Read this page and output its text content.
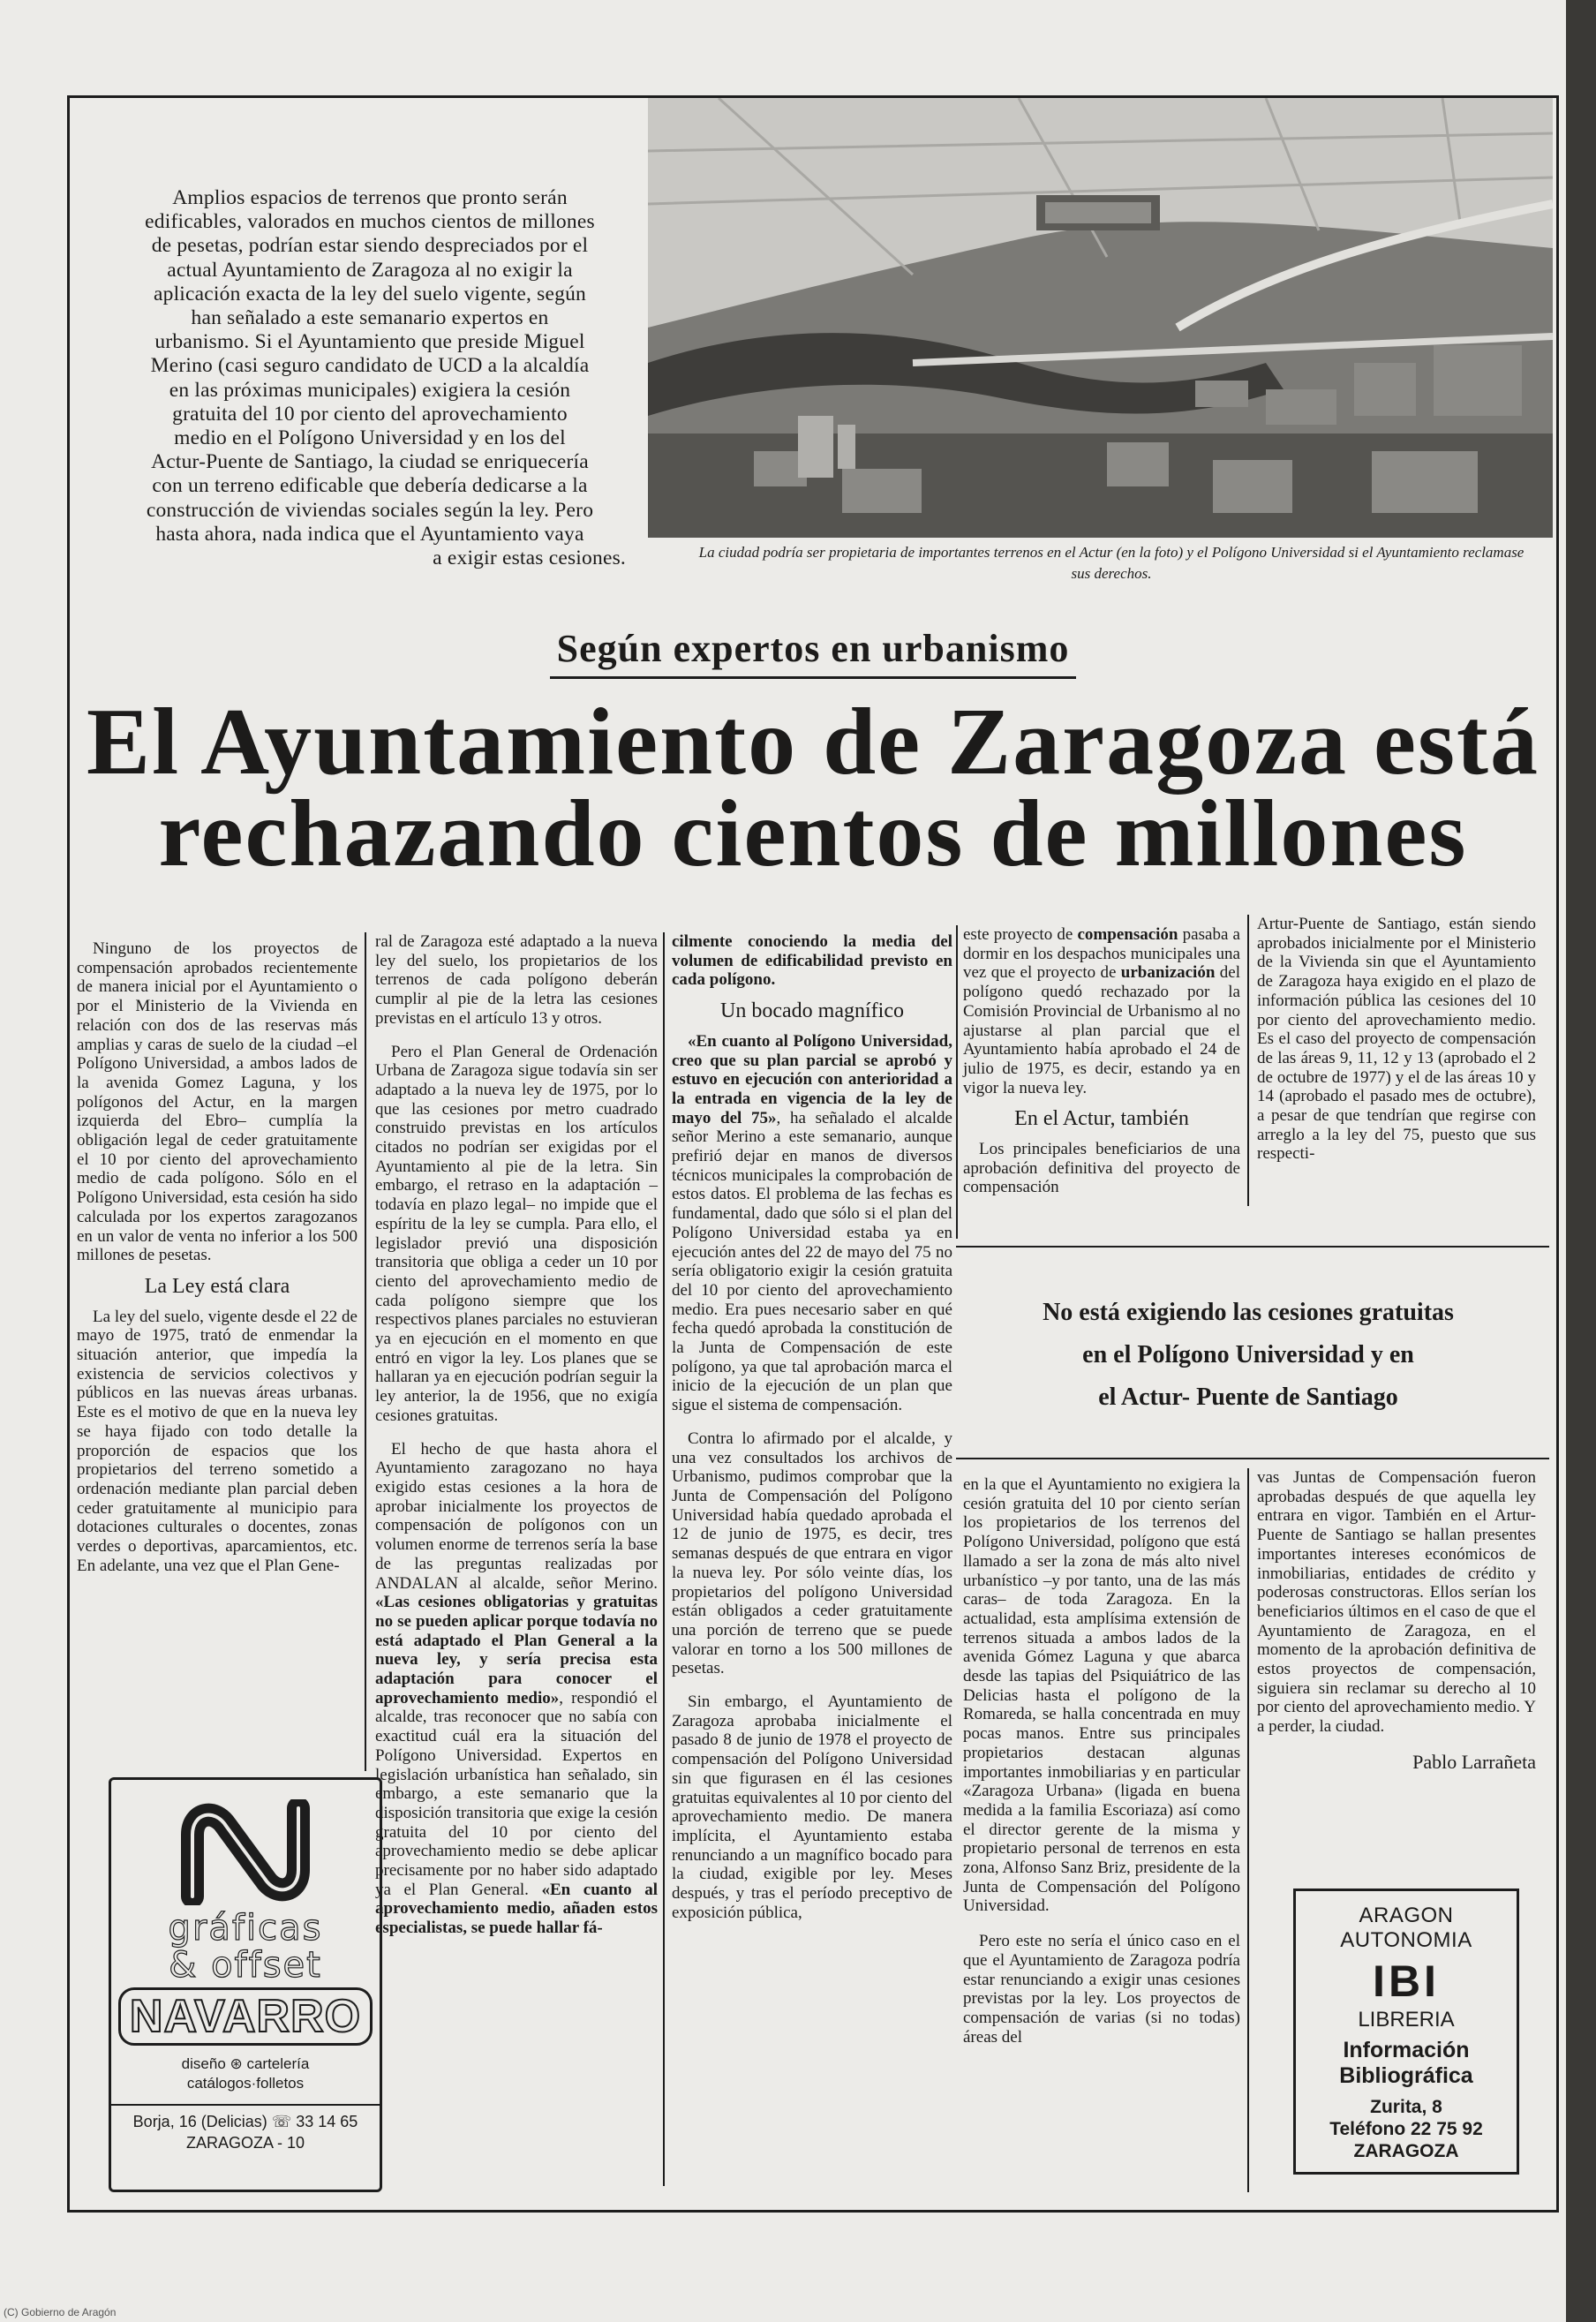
Amplios espacios de terrenos que pronto serán

edificables, valorados en muchos cientos de millones

de pesetas, podrían estar siendo despreciados por el

actual Ayuntamiento de Zaragoza al no exigir la

aplicación exacta de la ley del suelo vigente, según

han señalado a este semanario expertos en

urbanismo. Si el Ayuntamiento que preside Miguel

Merino (casi seguro candidato de UCD a la alcaldía

en las próximas municipales) exigiera la cesión

gratuita del 10 por ciento del aprovechamiento

medio en el Polígono Universidad y en los del

Actur-Puente de Santiago, la ciudad se enriquecería

con un terreno edificable que debería dedicarse a la

construcción de viviendas sociales según la ley. Pero

hasta ahora, nada indica que el Ayuntamiento vaya

a exigir estas cesiones.	La ciudad podría ser propietaria de importantes terrenos en el Actur (en la foto) y el Polígono Universidad si el Ayuntamiento reclamase sus derechos.
Según expertos en urbanismo
El Ayuntamiento de Zaragoza está
rechazando cientos de millones

Ninguno de los proyectos de compensación aprobados recientemente de manera inicial por el Ayuntamiento o por el Ministerio de la Vivienda en relación con dos de las reservas más amplias y caras de suelo de la ciudad –el Polígono Universidad, a ambos lados de la avenida Gomez Laguna, y los polígonos del Actur, en la margen izquierda del Ebro– cumplía la obligación legal de ceder gratuitamente el 10 por ciento del aprovechamiento medio de cada polígono. Sólo en el Polígono Universidad, esta cesión ha sido calculada por los expertos zaragozanos en un valor de venta no inferior a los 500 millones de pesetas.

La Ley está clara

La ley del suelo, vigente desde el 22 de mayo de 1975, trató de enmendar la situación anterior, que impedía la existencia de servicios colectivos y públicos en las nuevas áreas urbanas. Este es el motivo de que en la nueva ley se haya fijado con todo detalle la proporción de espacios que los propietarios del terreno sometido a ordenación mediante plan parcial deben ceder gratuitamente al municipio para dotaciones culturales o docentes, zonas verdes o deportivas, aparcamientos, etc. En adelante, una vez que el Plan Gene-

ral de Zaragoza esté adaptado a la nueva ley del suelo, los propietarios de los terrenos de cada polígono deberán cumplir al pie de la letra las cesiones previstas en el artículo 13 y otros.

Pero el Plan General de Ordenación Urbana de Zaragoza sigue todavía sin ser adaptado a la nueva ley de 1975, por lo que las cesiones por metro cuadrado construido previstas en los artículos citados no podrían ser exigidas por el Ayuntamiento al pie de la letra. Sin embargo, el retraso en la adaptación –todavía en plazo legal– no impide que el espíritu de la ley se cumpla. Para ello, el legislador previó una disposición transitoria que obliga a ceder un 10 por ciento del aprovechamiento medio de cada polígono siempre que los respectivos planes parciales no estuvieran ya en ejecución en el momento en que entró en vigor la ley. Los planes que se hallaran ya en ejecución podrían seguir la ley anterior, la de 1956, que no exigía cesiones gratuitas.

El hecho de que hasta ahora el Ayuntamiento zaragozano no haya exigido estas cesiones a la hora de aprobar inicialmente los proyectos de compensación de polígonos con un volumen enorme de terrenos sería la base de las preguntas realizadas por ANDALAN al alcalde, señor Merino. «Las cesiones obligatorias y gratuitas no se pueden aplicar porque todavía no está adaptado el Plan General a la nueva ley, y sería precisa esta adaptación para conocer el aprovechamiento medio», respondió el alcalde, tras reconocer que no sabía con exactitud cuál era la situación del Polígono Universidad. Expertos en legislación urbanística han señalado, sin embargo, a este semanario que la disposición transitoria que exige la cesión gratuita del 10 por ciento del aprovechamiento medio se debe aplicar precisamente por no haber sido adaptado ya el Plan General. «En cuanto al aprovechamiento medio, añaden estos especialistas, se puede hallar fá-

cilmente conociendo la media del volumen de edificabilidad previsto en cada polígono.

Un bocado magnífico

«En cuanto al Polígono Universidad, creo que su plan parcial se aprobó y estuvo en ejecución con anterioridad a la entrada en vigencia de la ley de mayo del 75», ha señalado el alcalde señor Merino a este semanario, aunque prefirió dejar en manos de diversos técnicos municipales la comprobación de estos datos. El problema de las fechas es fundamental, dado que sólo si el plan del Polígono Universidad estaba ya en ejecución antes del 22 de mayo del 75 no sería obligatorio exigir la cesión gratuita del 10 por ciento del aprovechamiento medio. Era pues necesario saber en qué fecha quedó aprobada la constitución de la Junta de Compensación de este polígono, ya que tal aprobación marca el inicio de la ejecución de un plan que sigue el sistema de compensación.

Contra lo afirmado por el alcalde, y una vez consultados los archivos de Urbanismo, pudimos comprobar que la Junta de Compensación del Polígono Universidad había quedado aprobada el 12 de junio de 1975, es decir, tres semanas después de que entrara en vigor la nueva ley. Por sólo veinte días, los propietarios del polígono Universidad están obligados a ceder gratuitamente una porción de terreno que se puede valorar en torno a los 500 millones de pesetas.

Sin embargo, el Ayuntamiento de Zaragoza aprobaba inicialmente el pasado 8 de junio de 1978 el proyecto de compensación del Polígono Universidad sin que figurasen en él las cesiones gratuitas equivalentes al 10 por ciento del aprovechamiento medio. De manera implícita, el Ayuntamiento estaba renunciando a un magnífico bocado para la ciudad, exigible por ley. Meses después, y tras el período preceptivo de exposición pública,

este proyecto de compensación pasaba a dormir en los despachos municipales una vez que el proyecto de urbanización del polígono quedó rechazado por la Comisión Provincial de Urbanismo al no ajustarse al plan parcial que el Ayuntamiento había aprobado el 24 de julio de 1975, es decir, estando ya en vigor la nueva ley.

En el Actur, también

Los principales beneficiarios de una aprobación definitiva del proyecto de compensación

Artur-Puente de Santiago, están siendo aprobados inicialmente por el Ministerio de la Vivienda sin que el Ayuntamiento de Zaragoza haya exigido en el plazo de información pública las cesiones del 10 por ciento del aprovechamiento medio. Es el caso del proyecto de compensación de las áreas 9, 11, 12 y 13 (aprobado el 2 de octubre de 1977) y el de las áreas 10 y 14 (aprobado el pasado mes de octubre), a pesar de que tendrían que regirse con arreglo a la ley del 75, puesto que sus respecti-

No está exigiendo las cesiones gratuitas
en el Polígono Universidad y en
el Actur- Puente de Santiago

en la que el Ayuntamiento no exigiera la cesión gratuita del 10 por ciento serían los propietarios de los terrenos del Polígono Universidad, polígono que está llamado a ser la zona de más alto nivel urbanístico –y por tanto, una de las más caras– de toda Zaragoza. En la actualidad, esta amplísima extensión de terrenos situada a ambos lados de la avenida Gómez Laguna y que abarca desde las tapias del Psiquiátrico de las Delicias hasta el polígono de la Romareda, se halla concentrada en muy pocas manos. Entre sus principales propietarios destacan algunas importantes inmobiliarias y en particular «Zaragoza Urbana» (ligada en buena medida a la familia Escoriaza) así como el director gerente de la misma y propietario personal de terrenos en esta zona, Alfonso Sanz Briz, presidente de la Junta de Compensación del Polígono Universidad.

Pero este no sería el único caso en el que el Ayuntamiento de Zaragoza podría estar renunciando a exigir unas cesiones previstas por la ley. Los proyectos de compensación de varias (si no todas) áreas del

vas Juntas de Compensación fueron aprobadas después de que aquella ley entrara en vigor. También en el Artur-Puente de Santiago se hallan presentes importantes intereses económicos de inmobiliarias, entidades de crédito y poderosas constructoras. Ellos serían los beneficiarios últimos en el caso de que el Ayuntamiento de Zaragoza, en el momento de la aprobación definitiva de estos proyectos de compensación, siguiera sin reclamar su derecho al 10 por ciento del aprovechamiento medio. Y a perder, la ciudad.

Pablo Larrañeta

gráficas
& offset
NAVARRO
diseño ⊛ cartelería
catálogos·folletos
Borja, 16 (Delicias) ☏ 33 14 65
ZARAGOZA - 10
ARAGON AUTONOMIA
IBI
LIBRERIA
Información
Bibliográfica
Zurita, 8
Teléfono 22 75 92
ZARAGOZA
(C) Gobierno de Aragón
